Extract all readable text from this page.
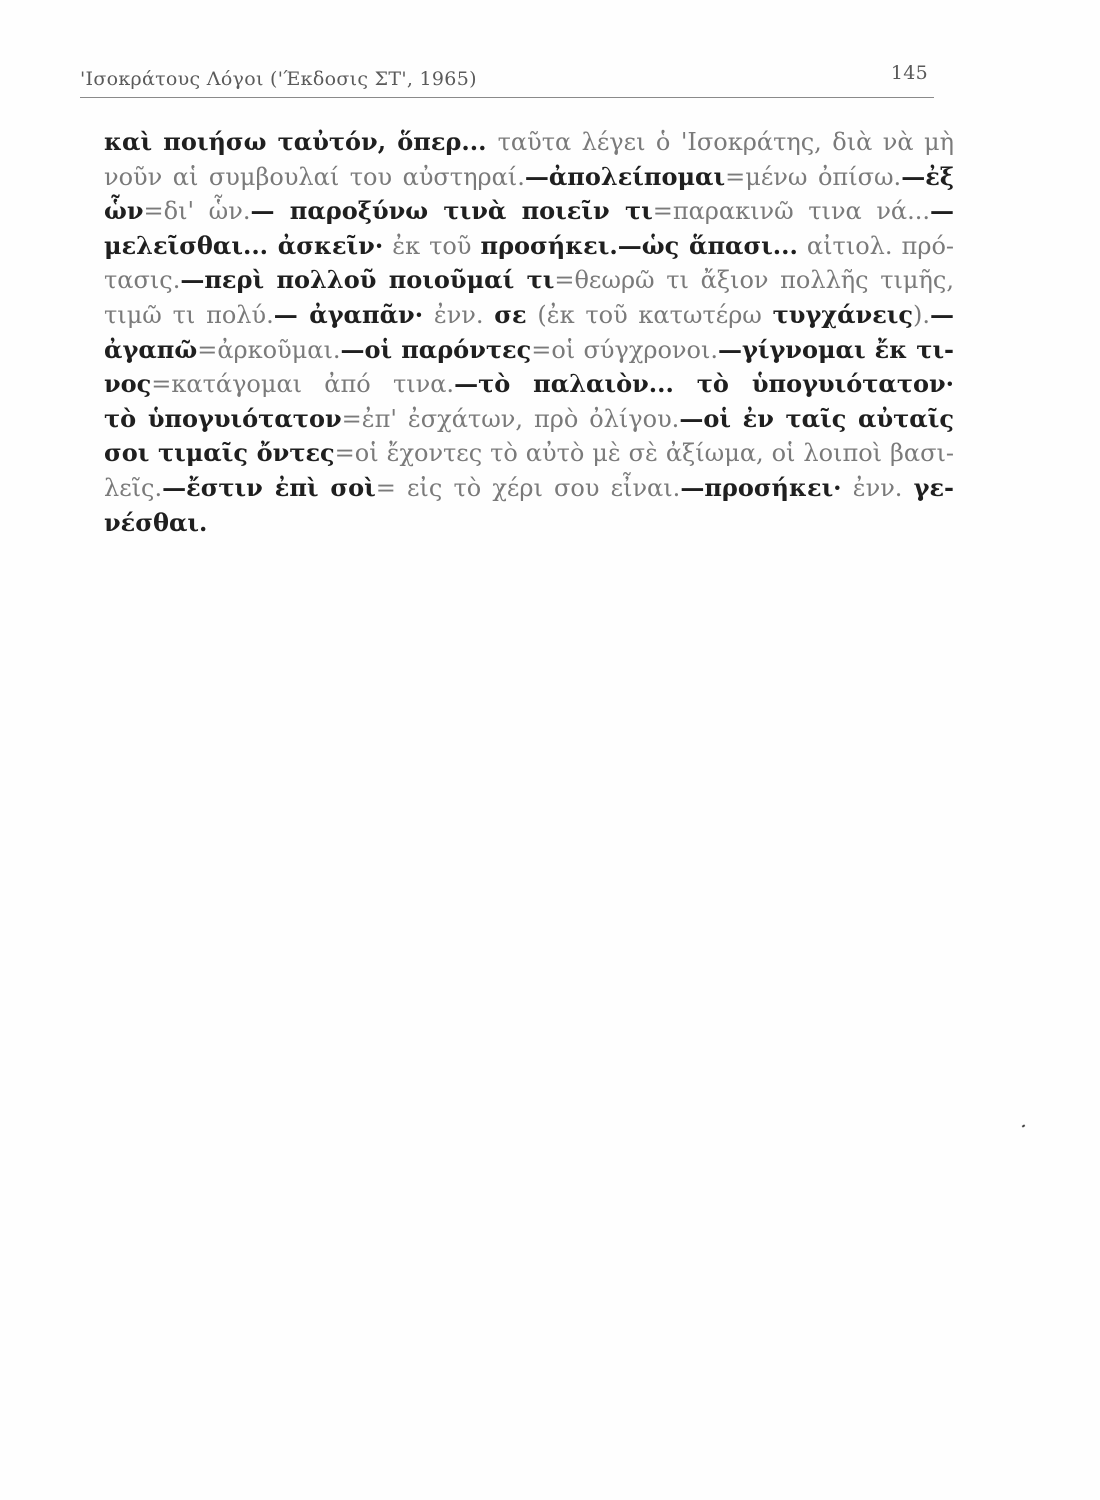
'Ισοκράτους Λόγοι ('Έκδοσις ΣΤ', 1965)	145
καὶ ποιήσω ταὐτόν, ὅπερ... ταῦτα λέγει ὁ 'Ισοκράτης, διὰ νὰ μὴ
νοῦν αἱ συμβουλαί του αὐστηραί.—ἀπολείπομαι=μένω ὀπίσω.—ἐξ
ὧν=δι' ὧν.— παροξύνω τινὰ ποιεῖν τι=παρακινῶ τινα νά...—
μελεῖσθαι... ἀσκεῖν· ἐκ τοῦ προσήκει.—ὡς ἅπασι... αἰτιολ. πρό-
τασις.—περὶ πολλοῦ ποιοῦμαί τι=θεωρῶ τι ἄξιον πολλῆς τιμῆς,
τιμῶ τι πολύ.— ἀγαπᾶν· ἐνν. σε (ἐκ τοῦ κατωτέρω τυγχάνεις).—
ἀγαπῶ=ἀρκοῦμαι.—οἱ παρόντες=οἱ σύγχρονοι.—γίγνομαι ἔκ τι-
νος=κατάγομαι ἀπό τινα.—τὸ παλαιὸν... τὸ ὑπογυιότατον·
τὸ ὑπογυιότατον=ἐπ' ἐσχάτων, πρὸ ὀλίγου.—οἱ ἐν ταῖς αὐταῖς
σοι τιμαῖς ὄντες=οἱ ἔχοντες τὸ αὐτὸ μὲ σὲ ἀξίωμα, οἱ λοιποὶ βασι-
λεῖς.—ἔστιν ἐπὶ σοὶ= εἰς τὸ χέρι σου εἶναι.—προσήκει· ἐνν. γε-
νέσθαι.
